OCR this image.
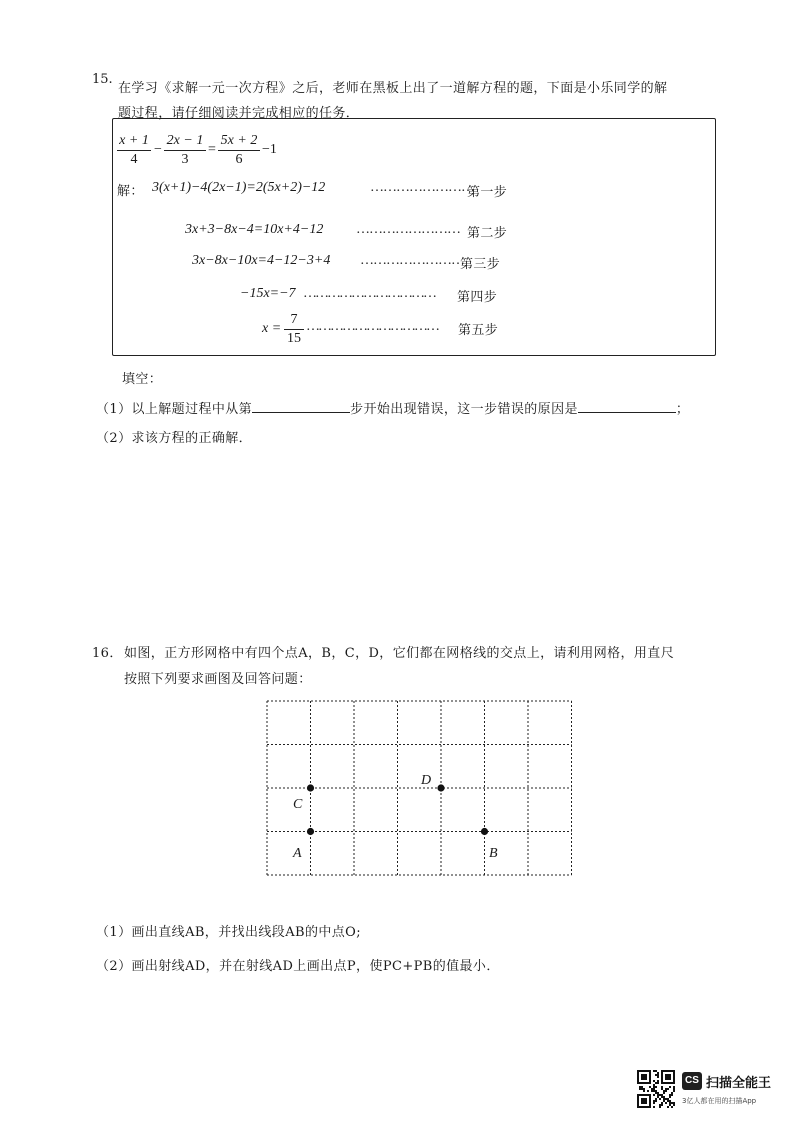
15.
在学习《求解一元一次方程》之后，老师在黑板上出了一道解方程的题，下面是小乐同学的解
题过程，请仔细阅读并完成相应的任务．
$\frac{x + 1}{4} - \frac{2x - 1}{3} = \frac{5x + 2}{6} -1$
解： 3(x+1)−4(2x−1)=2(5x+2)−12	……………………
第一步
3x+3−8x−4=10x+4−12 …………………… 第二步
3x−8x−10x=4−12−3+4 ……………………
第三步
−15x=−7 …………………………… 第四步
$x = \frac{7}{15}$ …………………………… 第五步
填空：
（1）以上解题过程中从第	步开始出现错误，这一步错误的原因是	；
（2）求该方程的正确解．
16． 如图，正方形网格中有四个点A，B，C，D，它们都在网格线的交点上，请利用网格，用直尺
按照下列要求画图及回答问题：
D
C
A	B
（1）画出直线AB，并找出线段AB的中点O;
（2）画出射线AD，并在射线AD上画出点P，使PC+PB的值最小．
CS 扫描全能王
3亿人都在用的扫描App
